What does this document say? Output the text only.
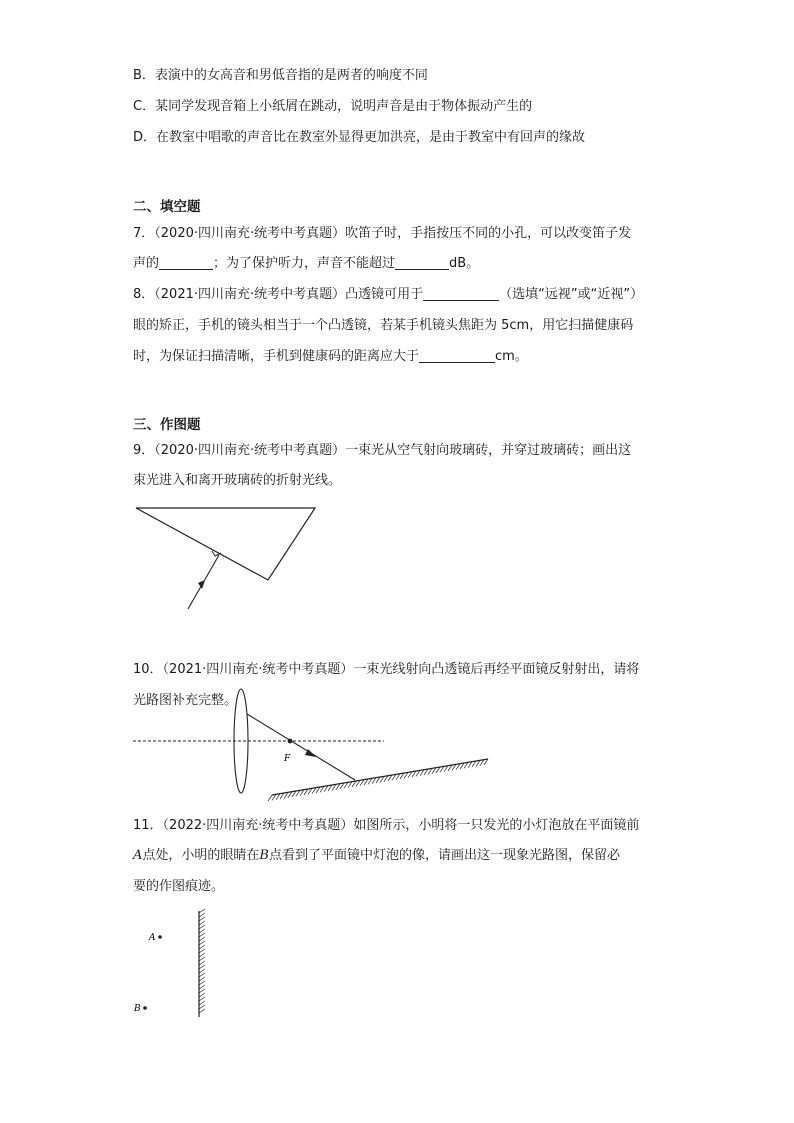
B．表演中的女高音和男低音指的是两者的响度不同
C．某同学发现音箱上小纸屑在跳动，说明声音是由于物体振动产生的
D．在教室中唱歌的声音比在教室外显得更加洪亮，是由于教室中有回声的缘故
二、填空题
7．（2020·四川南充·统考中考真题）吹笛子时，手指按压不同的小孔，可以改变笛子发
声的	；为了保护听力，声音不能超过	dB。
8．（2021·四川南充·统考中考真题）凸透镜可用于	（选填“远视”或“近视”）
眼的矫正，手机的镜头相当于一个凸透镜，若某手机镜头焦距为 5cm，用它扫描健康码
时，为保证扫描清晰，手机到健康码的距离应大于	cm。
三、作图题
9．（2020·四川南充·统考中考真题）一束光从空气射向玻璃砖，并穿过玻璃砖；画出这
束光进入和离开玻璃砖的折射光线。
10．（2021·四川南充·统考中考真题）一束光线射向凸透镜后再经平面镜反射射出，请将
光路图补充完整。
F
11．（2022·四川南充·统考中考真题）如图所示，小明将一只发光的小灯泡放在平面镜前
A点处，小明的眼睛在B点看到了平面镜中灯泡的像，请画出这一现象光路图，保留必
要的作图痕迹。
A
B
